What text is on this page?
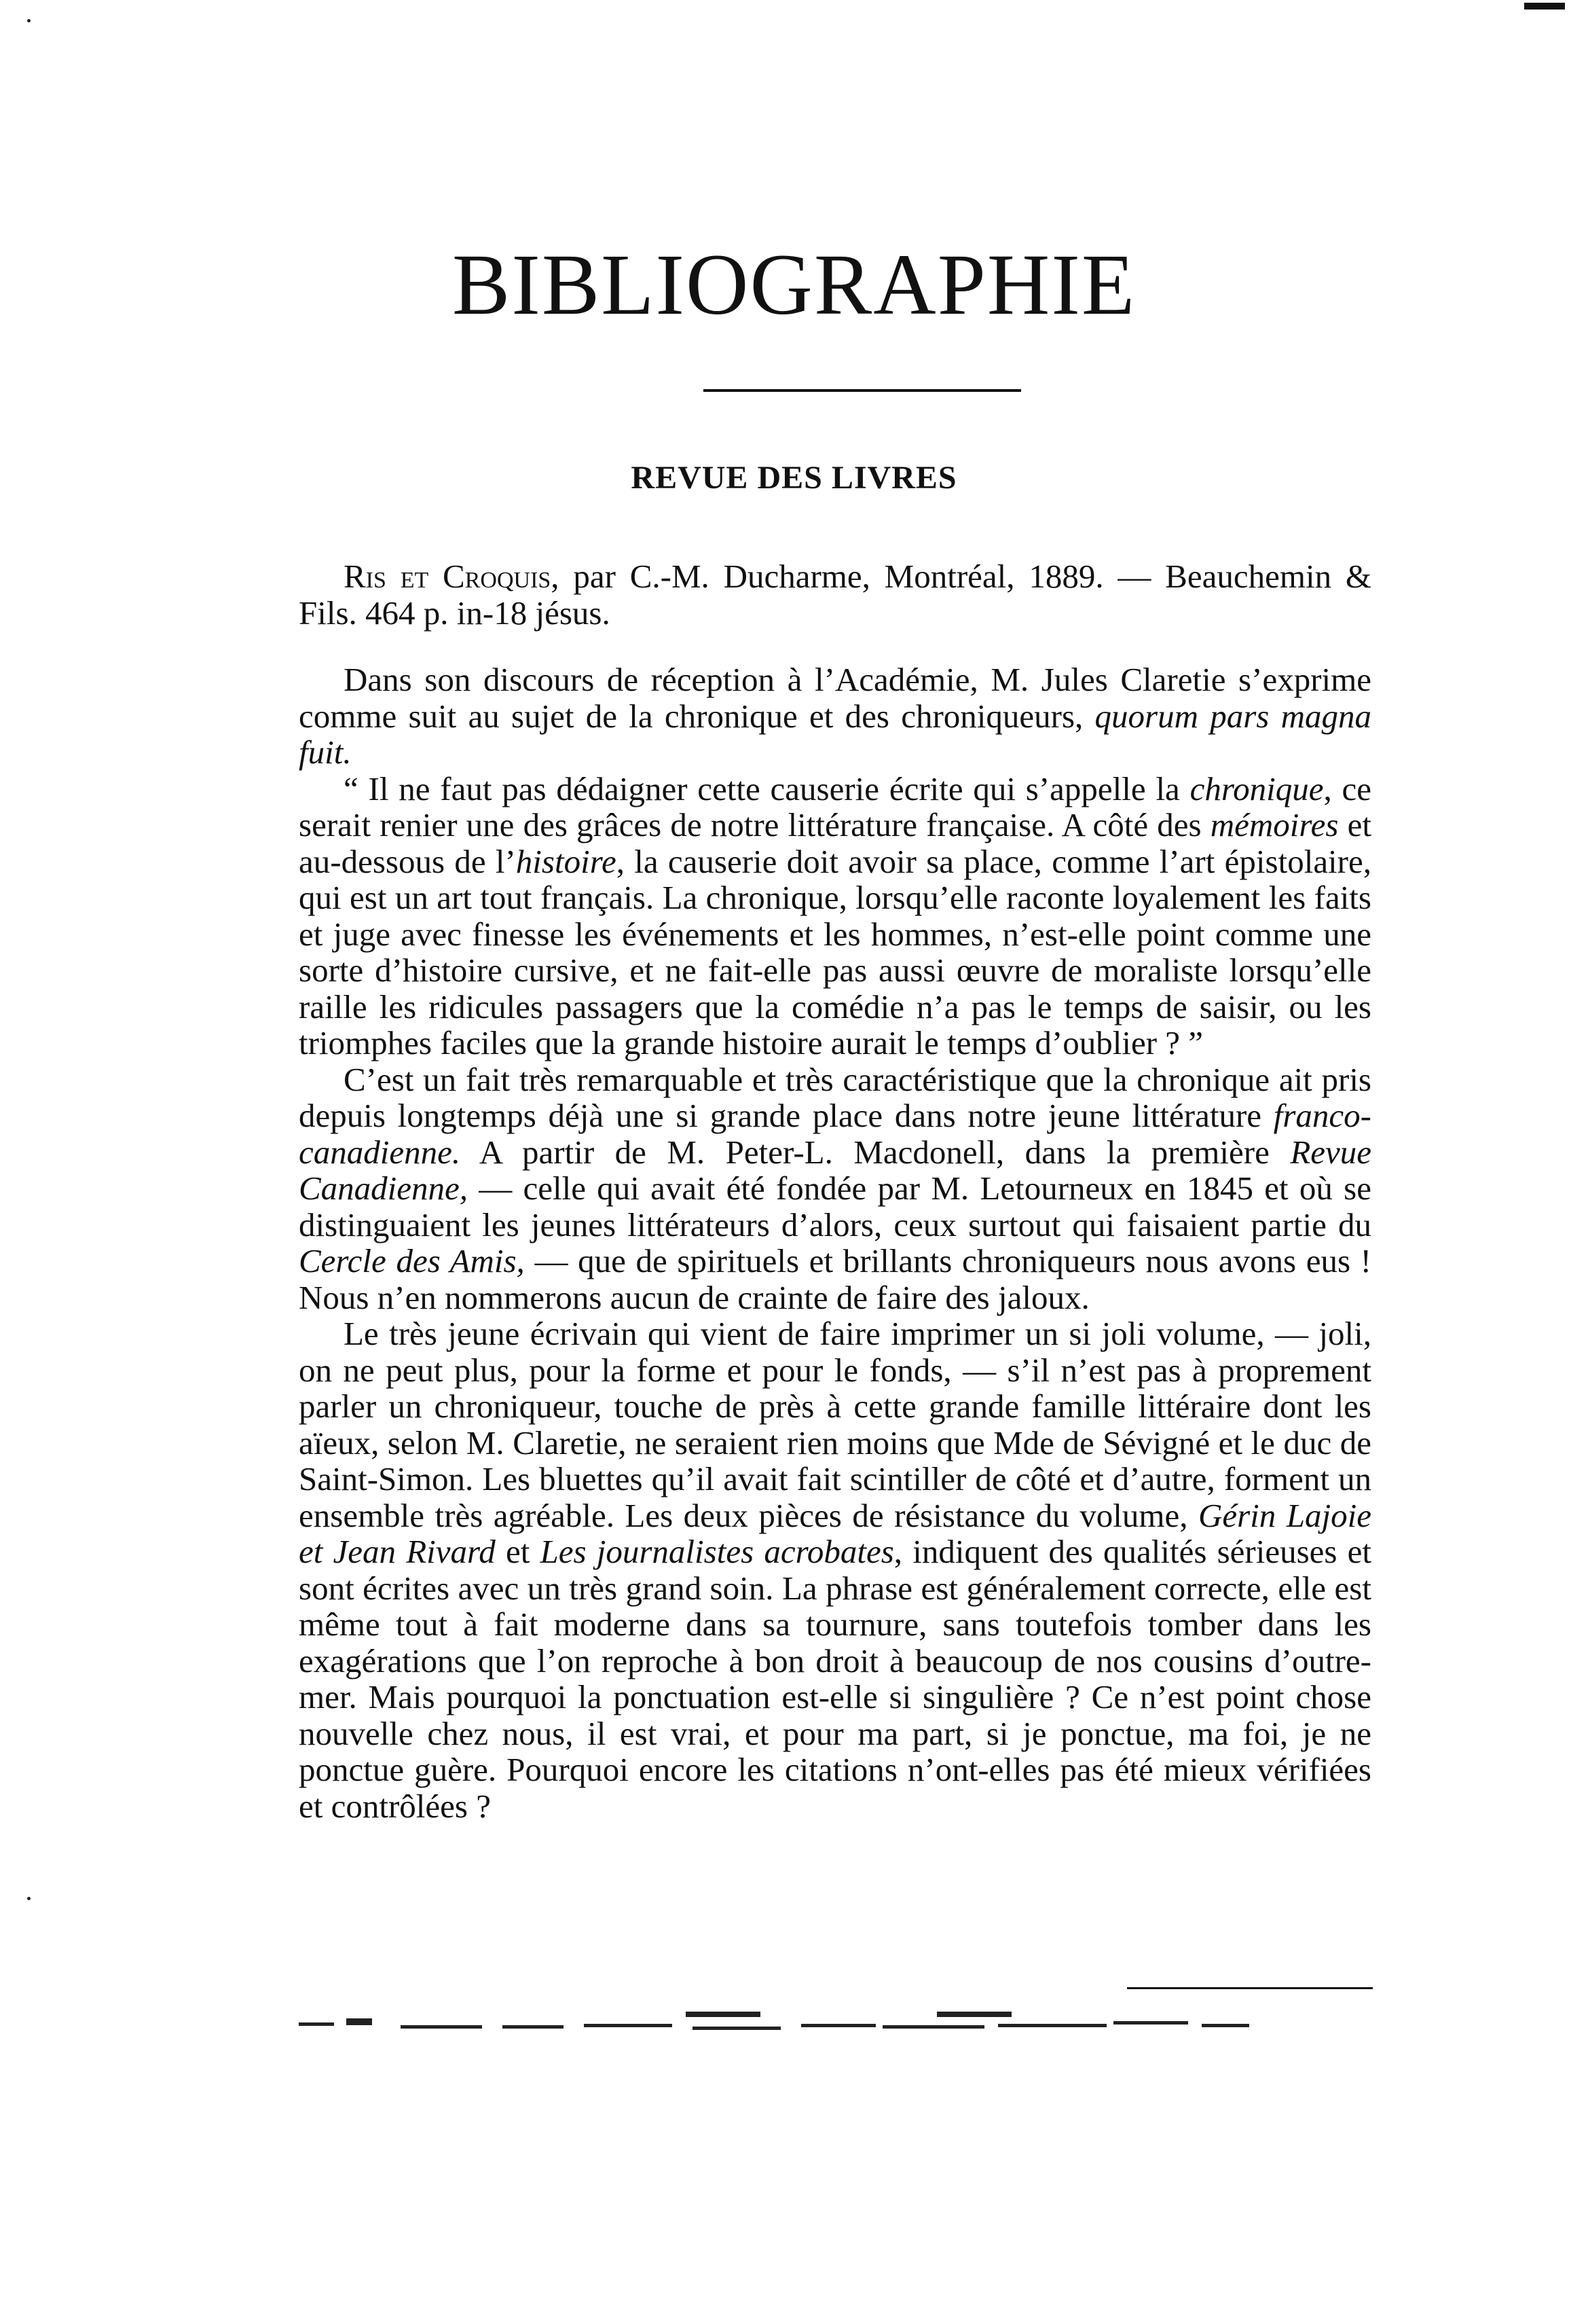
BIBLIOGRAPHIE
REVUE DES LIVRES

Ris et Croquis, par C.-M. Ducharme, Montréal, 1889. — Beauchemin & Fils. 464 p. in-18 jésus.

Dans son discours de réception à l’Académie, M. Jules Claretie s’exprime comme suit au sujet de la chronique et des chroniqueurs, quorum pars magna fuit.

“ Il ne faut pas dédaigner cette causerie écrite qui s’appelle la chronique, ce serait renier une des grâces de notre littérature française. A côté des mémoires et au-dessous de l’histoire, la causerie doit avoir sa place, comme l’art épistolaire, qui est un art tout français. La chronique, lorsqu’elle raconte loyalement les faits et juge avec finesse les événements et les hommes, n’est-elle point comme une sorte d’histoire cursive, et ne fait-elle pas aussi œuvre de moraliste lorsqu’elle raille les ridicules passagers que la comédie n’a pas le temps de saisir, ou les triomphes faciles que la grande histoire aurait le temps d’oublier ? ”

C’est un fait très remarquable et très caractéristique que la chronique ait pris depuis longtemps déjà une si grande place dans notre jeune littérature franco-canadienne. A partir de M. Peter-L. Macdonell, dans la première Revue Canadienne, — celle qui avait été fondée par M. Letourneux en 1845 et où se distinguaient les jeunes littérateurs d’alors, ceux surtout qui faisaient partie du Cercle des Amis, — que de spirituels et brillants chroniqueurs nous avons eus ! Nous n’en nommerons aucun de crainte de faire des jaloux.

Le très jeune écrivain qui vient de faire imprimer un si joli volume, — joli, on ne peut plus, pour la forme et pour le fonds, — s’il n’est pas à proprement parler un chroniqueur, touche de près à cette grande famille littéraire dont les aïeux, selon M. Claretie, ne seraient rien moins que Mde de Sévigné et le duc de Saint-Simon. Les bluettes qu’il avait fait scintiller de côté et d’autre, forment un ensemble très agréable. Les deux pièces de résistance du volume, Gérin Lajoie et Jean Rivard et Les journalistes acrobates, indiquent des qualités sérieuses et sont écrites avec un très grand soin. La phrase est généralement correcte, elle est même tout à fait moderne dans sa tournure, sans toutefois tomber dans les exagérations que l’on reproche à bon droit à beaucoup de nos cousins d’outre-mer. Mais pourquoi la ponctuation est-elle si singulière ? Ce n’est point chose nouvelle chez nous, il est vrai, et pour ma part, si je ponctue, ma foi, je ne ponctue guère. Pourquoi encore les citations n’ont-elles pas été mieux vérifiées et contrôlées ?
